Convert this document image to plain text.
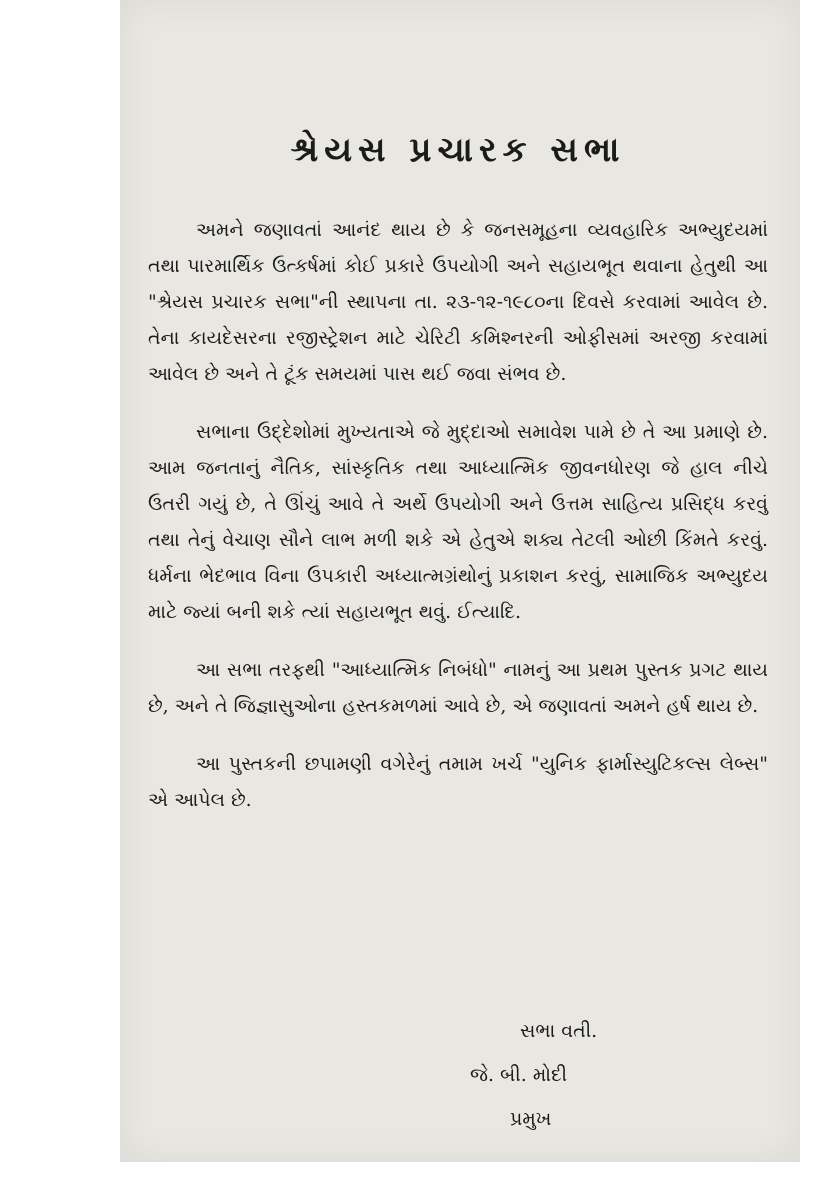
શ્રેયસ પ્રચારક સભા

અમને જણાવતાં આનંદ થાય છે કે જનસમૂહના વ્યવહારિક અભ્યુદયમાં તથા પારમાર્થિક ઉત્કર્ષમાં કોઈ પ્રકારે ઉપયોગી અને સહાયભૂત થવાના હેતુથી આ "શ્રેયસ પ્રચારક સભા"ની સ્થાપના તા. ૨૩-૧૨-૧૯૮૦ના દિવસે કરવામાં આવેલ છે. તેના કાયદેસરના રજીસ્ટ્રેશન માટે ચેરિટી કમિશ્નરની ઓફીસમાં અરજી કરવામાં આવેલ છે અને તે ટૂંક સમયમાં પાસ થઈ જવા સંભવ છે.

સભાના ઉદ્દેશોમાં મુખ્યતાએ જે મુદ્દાઓ સમાવેશ પામે છે તે આ પ્રમાણે છે. આમ જનતાનું નૈતિક, સાંસ્કૃતિક તથા આધ્યાત્મિક જીવનધોરણ જે હાલ નીચે ઉતરી ગયું છે, તે ઊંચું આવે તે અર્થે ઉપયોગી અને ઉત્તમ સાહિત્ય પ્રસિદ્ધ કરવું તથા તેનું વેચાણ સૌને લાભ મળી શકે એ હેતુએ શક્ય તેટલી ઓછી કિંમતે કરવું. ધર્મના ભેદભાવ વિના ઉપકારી અધ્યાત્મગ્રંથોનું પ્રકાશન કરવું, સામાજિક અભ્યુદય માટે જ્યાં બની શકે ત્યાં સહાયભૂત થવું. ઈત્યાદિ.

આ સભા તરફથી "આધ્યાત્મિક નિબંધો" નામનું આ પ્રથમ પુસ્તક પ્રગટ થાય છે, અને તે જિજ્ઞાસુઓના હસ્તકમળમાં આવે છે, એ જણાવતાં અમને હર્ષ થાય છે.

આ પુસ્તકની છપામણી વગેરેનું તમામ ખર્ચ "યુનિક ફાર્માસ્યુટિકલ્સ લેબ્સ" એ આપેલ છે.

સભા વતી.
જે. બી. મોદી
પ્રમુખ
